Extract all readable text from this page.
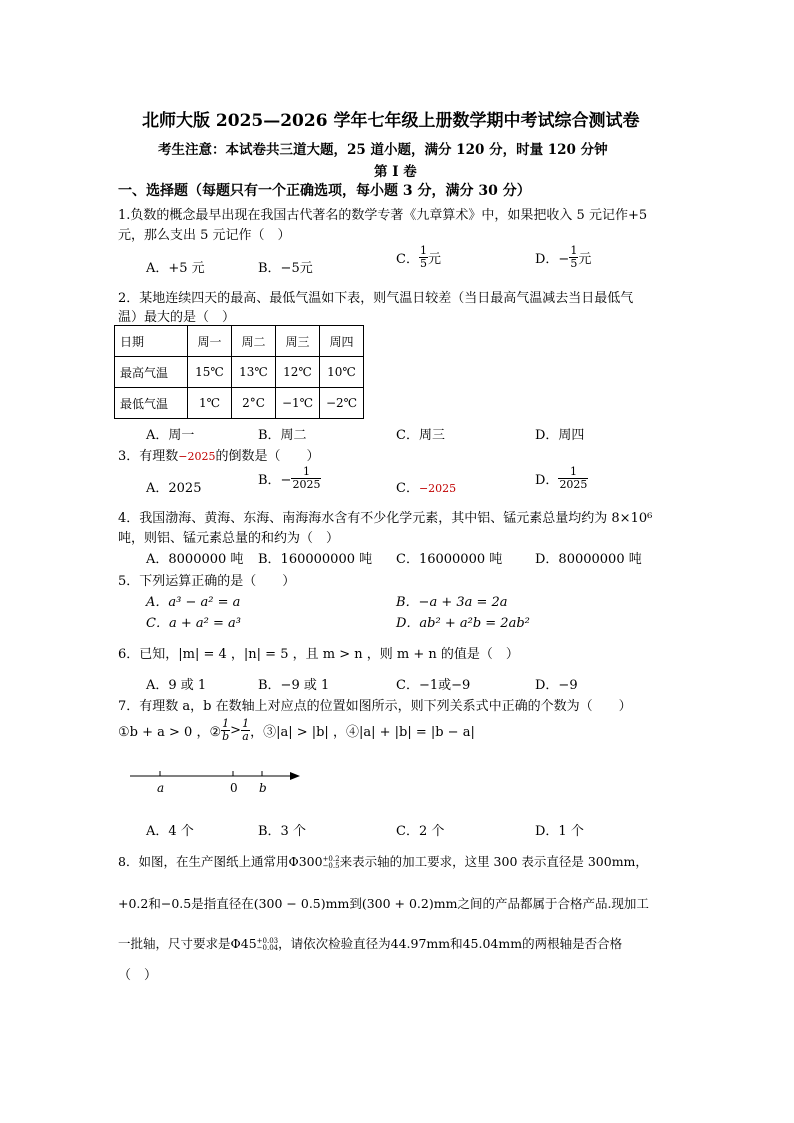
北师大版 2025—2026 学年七年级上册数学期中考试综合测试卷
考生注意：本试卷共三道大题，25 道小题，满分 120 分，时量 120 分钟
第 I 卷
一、选择题（每题只有一个正确选项，每小题 3 分，满分 30 分）
1.负数的概念最早出现在我国古代著名的数学专著《九章算术》中，如果把收入 5 元记作+5
元，那么支出 5 元记作（　）
A．+5 元	B．−5元
C． $\frac{1}{5}$ 元	D．− $\frac{1}{5}$ 元
2．某地连续四天的最高、最低气温如下表，则气温日较差（当日最高气温减去当日最低气
温）最大的是（　）
日期	周一	周二	周三	周四
最高气温	15℃	13℃	12℃	10℃
最低气温	1℃	2°C	−1℃	−2℃
A．周一	B．周二	C．周三	D．周四
3．有理数−2025的倒数是（　　）
A．2025
B．− $\frac{1}{2025}$	C．−2025
D． $\frac{1}{2025}$
4．我国渤海、黄海、东海、南海海水含有不少化学元素，其中铝、锰元素总量均约为 8×10⁶
吨，则铝、锰元素总量的和约为（　）
A．8000000 吨 B．160000000 吨 C．16000000 吨	D．80000000 吨
5．下列运算正确的是（　　）
A．a³ − a² = a	B．−a + 3a = 2a
C．a + a² = a³	D．ab² + a²b = 2ab²
6．已知，|m| = 4 ，|n| = 5 ，且 m > n ，则 m + n 的值是（　）
A．9 或 1	B．−9 或 1	C．−1或−9	D．−9
7．有理数 a，b 在数轴上对应点的位置如图所示，则下列关系式中正确的个数为（　　）
①b + a > 0 ，② $\frac{1}{b} > \frac{1}{a}$ ，③|a| > |b| ，④|a| + |b| = |b − a|
a	0 b
A．4 个	B．3 个	C．2 个	D．1 个
8．如图，在生产图纸上通常用Φ300 +0.2
−0.5 来表示轴的加工要求，这里 300 表示直径是 300mm，
+0.2和−0.5是指直径在(300 − 0.5)mm到(300 + 0.2)mm之间的产品都属于合格产品.现加工
一批轴，尺寸要求是Φ45 +0.03
−0.04 ，请依次检验直径为44.97mm和45.04mm的两根轴是否合格
（　）
